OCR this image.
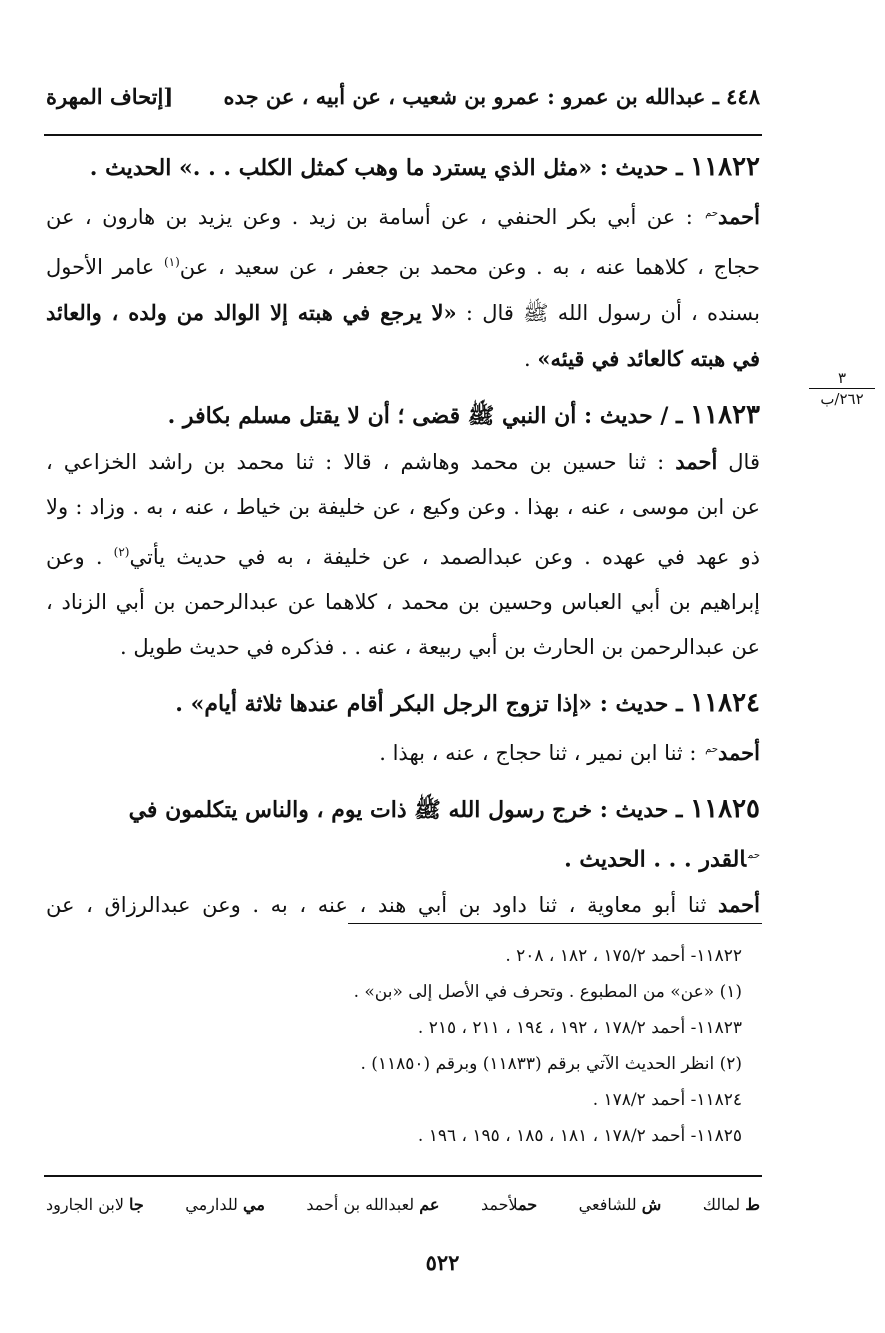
٤٤٨ ـ عبدالله بن عمرو : عمرو بن شعيب ، عن أبيه ، عن جده
[إتحاف المهرة
٣
٢٦٢/ب
١١٨٢٢ ـ حديث : «مثل الذي يسترد ما وهب كمثل الكلب . . .» الحديث .
أحمد$^{حم}$ : عن أبي بكر الحنفي ، عن أسامة بن زيد . وعن يزيد بن هارون ، عن
حجاج ، كلاهما عنه ، به . وعن محمد بن جعفر ، عن سعيد ، عن$^{(١)}$ عامر الأحول
بسنده ، أن رسول الله ﷺ قال : «لا يرجع في هبته إلا الوالد من ولده ، والعائد
في هبته كالعائد في قيئه» .
١١٨٢٣ ـ / حديث : أن النبي ﷺ قضى ؛ أن لا يقتل مسلم بكافر .
قال أحمد : ثنا حسين بن محمد وهاشم ، قالا : ثنا محمد بن راشد الخزاعي ،
عن ابن موسى ، عنه ، بهذا . وعن وكيع ، عن خليفة بن خياط ، عنه ، به . وزاد : ولا
ذو عهد في عهده . وعن عبدالصمد ، عن خليفة ، به في حديث يأتي$^{(٢)}$ . وعن
إبراهيم بن أبي العباس وحسين بن محمد ، كلاهما عن عبدالرحمن بن أبي الزناد ،
عن عبدالرحمن بن الحارث بن أبي ربيعة ، عنه . . فذكره في حديث طويل .
١١٨٢٤ ـ حديث : «إذا تزوج الرجل البكر أقام عندها ثلاثة أيام» .
أحمد$^{حم}$ : ثنا ابن نمير ، ثنا حجاج ، عنه ، بهذا .
١١٨٢٥ ـ حديث : خرج رسول الله ﷺ ذات يوم ، والناس يتكلمون في
$^{حم}$القدر . . . الحديث .
أحمد ثنا أبو معاوية ، ثنا داود بن أبي هند ، عنه ، به . وعن عبدالرزاق ، عن
١١٨٢٢- أحمد ١٧٥/٢ ، ١٨٢ ، ٢٠٨ .
(١) «عن» من المطبوع . وتحرف في الأصل إلى «بن» .
١١٨٢٣- أحمد ١٧٨/٢ ، ١٩٢ ، ١٩٤ ، ٢١١ ، ٢١٥ .
(٢) انظر الحديث الآتي برقم (١١٨٣٣) وبرقم (١١٨٥٠) .
١١٨٢٤- أحمد ١٧٨/٢ .
١١٨٢٥- أحمد ١٧٨/٢ ، ١٨١ ، ١٨٥ ، ١٩٥ ، ١٩٦ .
ط لمالك
ش للشافعي
حملأحمد
عم لعبدالله بن أحمد
مي للدارمي
جا لابن الجارود
٥٢٢
